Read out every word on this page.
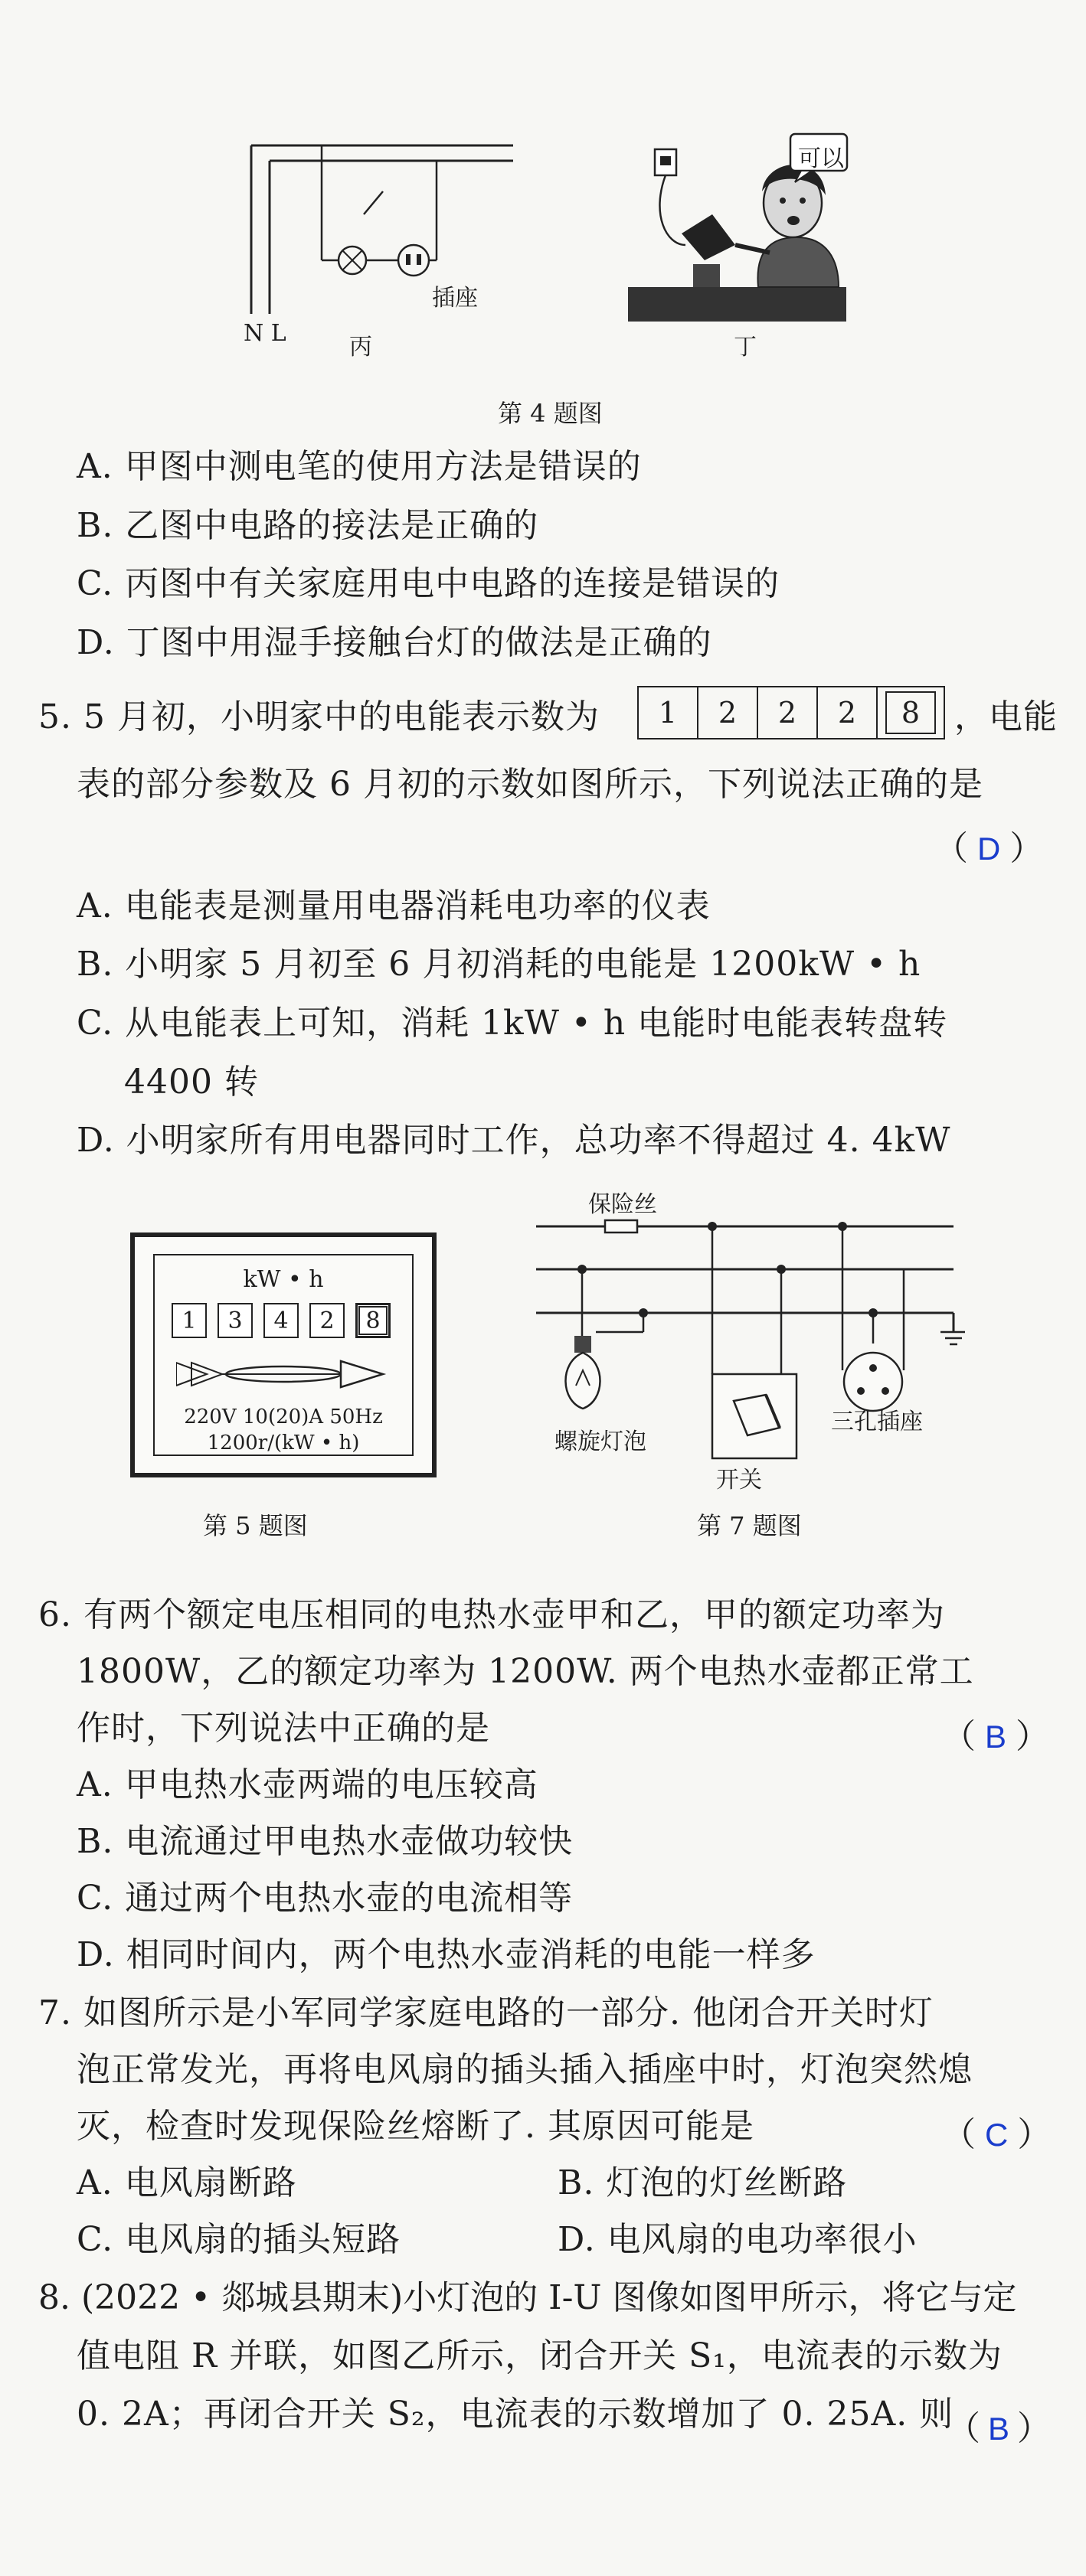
N L
插座
丙
可以
丁
第 4 题图
A. 甲图中测电笔的使用方法是错误的
B. 乙图中电路的接法是正确的
C. 丙图中有关家庭用电中电路的连接是错误的
D. 丁图中用湿手接触台灯的做法是正确的
5. 5 月初，小明家中的电能表示数为	1	2	2	2	8	，电能
表的部分参数及 6 月初的示数如图所示，下列说法正确的是
（ D ）
A. 电能表是测量用电器消耗电功率的仪表
B. 小明家 5 月初至 6 月初消耗的电能是 1200kW • h
C. 从电能表上可知，消耗 1kW • h 电能时电能表转盘转
4400 转
D. 小明家所有用电器同时工作，总功率不得超过 4. 4kW
kW • h
1	3	4	2	8
220V 10(20)A 50Hz
1200r/(kW • h)
第 5 题图
保险丝
螺旋灯泡
开关
三孔插座
第 7 题图
6. 有两个额定电压相同的电热水壶甲和乙，甲的额定功率为
1800W，乙的额定功率为 1200W. 两个电热水壶都正常工
作时，下列说法中正确的是	（ B ）
A. 甲电热水壶两端的电压较高
B. 电流通过甲电热水壶做功较快
C. 通过两个电热水壶的电流相等
D. 相同时间内，两个电热水壶消耗的电能一样多
7. 如图所示是小军同学家庭电路的一部分. 他闭合开关时灯
泡正常发光，再将电风扇的插头插入插座中时，灯泡突然熄
灭，检查时发现保险丝熔断了. 其原因可能是	（ C ）
A. 电风扇断路	B. 灯泡的灯丝断路
C. 电风扇的插头短路	D. 电风扇的电功率很小
8. (2022 • 郯城县期末)小灯泡的 I-U 图像如图甲所示，将它与定
值电阻 R 并联，如图乙所示，闭合开关 S₁，电流表的示数为
0. 2A；再闭合开关 S₂，电流表的示数增加了 0. 25A. 则
（ B ）
